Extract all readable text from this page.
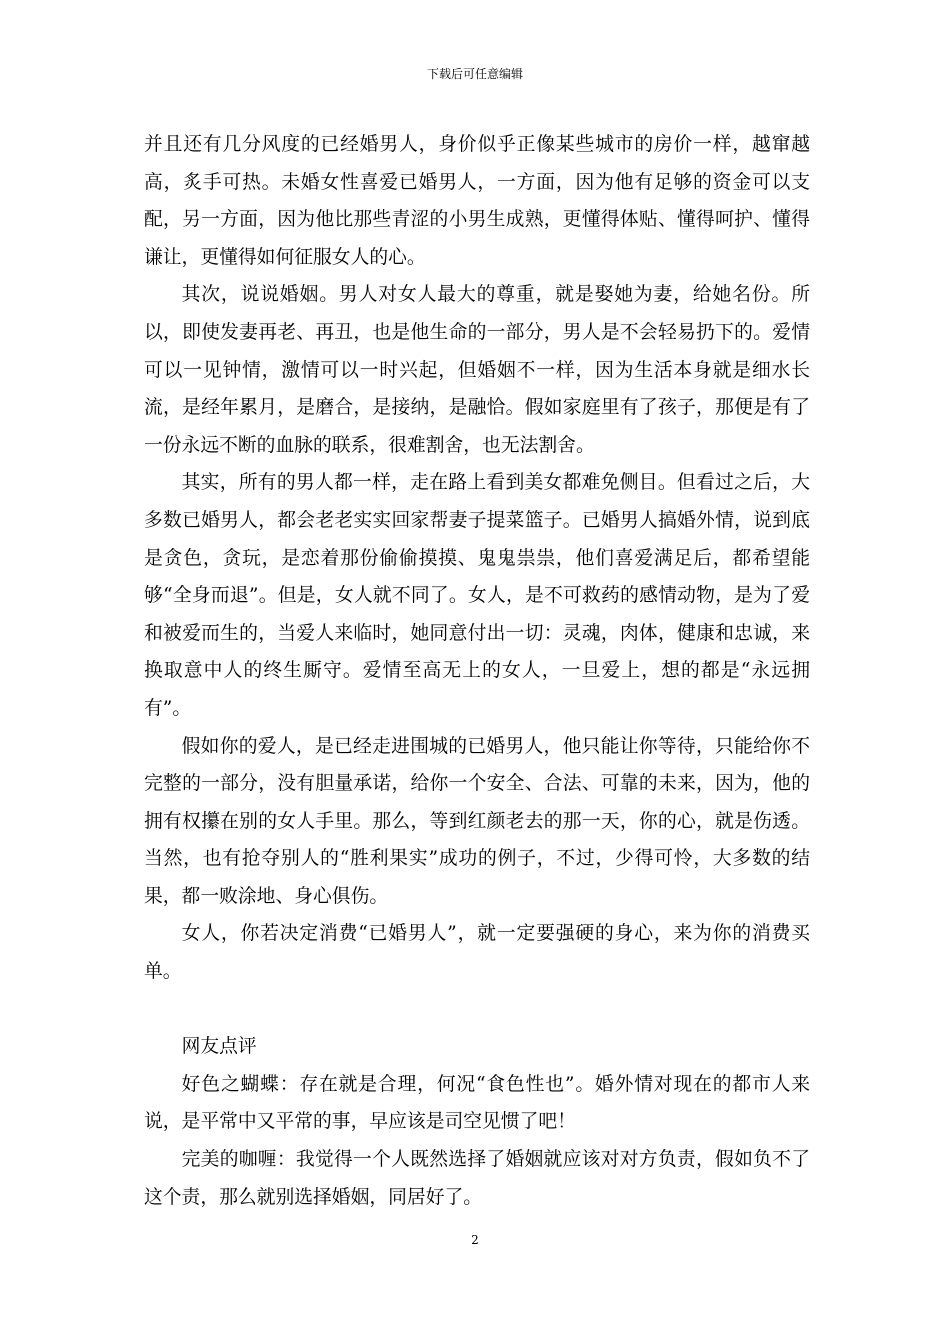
下载后可任意编辑

并且还有几分风度的已经婚男人，身价似乎正像某些城市的房价一样，越窜越高，炙手可热。未婚女性喜爱已婚男人，一方面，因为他有足够的资金可以支配，另一方面，因为他比那些青涩的小男生成熟，更懂得体贴、懂得呵护、懂得谦让，更懂得如何征服女人的心。

其次，说说婚姻。男人对女人最大的尊重，就是娶她为妻，给她名份。所以，即使发妻再老、再丑，也是他生命的一部分，男人是不会轻易扔下的。爱情可以一见钟情，激情可以一时兴起，但婚姻不一样，因为生活本身就是细水长流，是经年累月，是磨合，是接纳，是融恰。假如家庭里有了孩子，那便是有了一份永远不断的血脉的联系，很难割舍，也无法割舍。

其实，所有的男人都一样，走在路上看到美女都难免侧目。但看过之后，大多数已婚男人，都会老老实实回家帮妻子提菜篮子。已婚男人搞婚外情，说到底是贪色，贪玩，是恋着那份偷偷摸摸、鬼鬼祟祟，他们喜爱满足后，都希望能够“全身而退”。但是，女人就不同了。女人，是不可救药的感情动物，是为了爱和被爱而生的，当爱人来临时，她同意付出一切：灵魂，肉体，健康和忠诚，来换取意中人的终生厮守。爱情至高无上的女人，一旦爱上，想的都是“永远拥有”。

假如你的爱人，是已经走进围城的已婚男人，他只能让你等待，只能给你不完整的一部分，没有胆量承诺，给你一个安全、合法、可靠的未来，因为，他的拥有权攥在别的女人手里。那么，等到红颜老去的那一天，你的心，就是伤透。当然，也有抢夺别人的“胜利果实”成功的例子，不过，少得可怜，大多数的结果，都一败涂地、身心俱伤。

女人，你若决定消费“已婚男人”，就一定要强硬的身心，来为你的消费买单。

网友点评

好色之蝴蝶：存在就是合理，何况“食色性也”。婚外情对现在的都市人来说，是平常中又平常的事，早应该是司空见惯了吧！

完美的咖喱：我觉得一个人既然选择了婚姻就应该对对方负责，假如负不了这个责，那么就别选择婚姻，同居好了。

2
